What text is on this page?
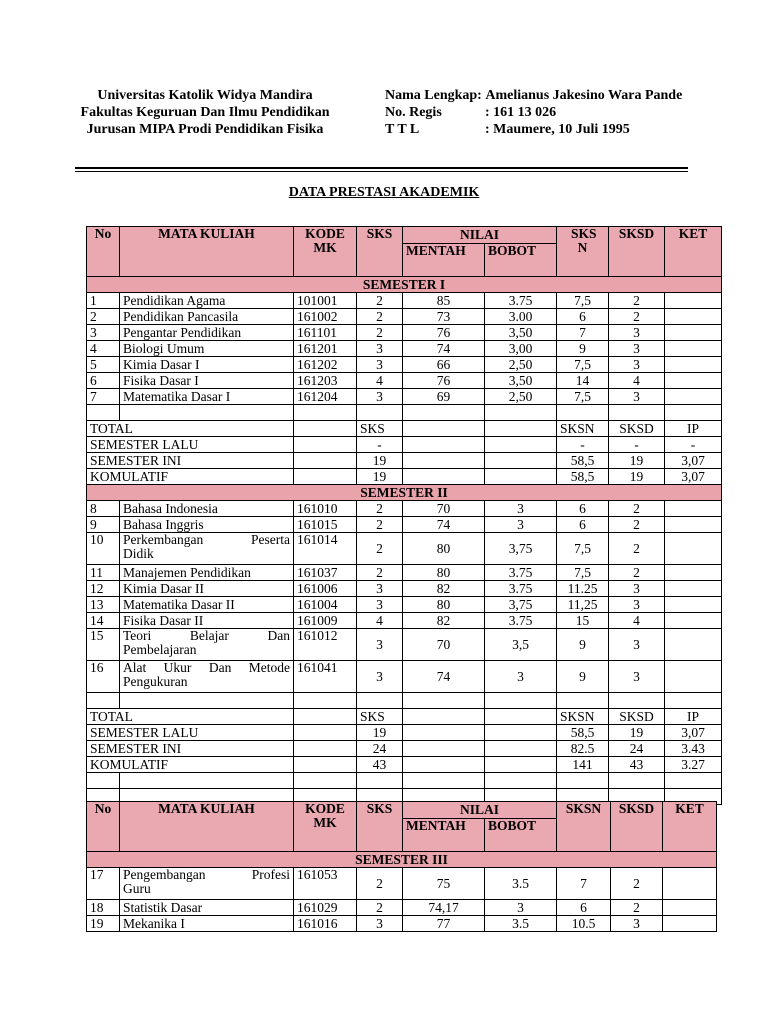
Universitas Katolik Widya Mandira
Fakultas Keguruan Dan Ilmu Pendidikan
Jurusan MIPA Prodi Pendidikan Fisika
Nama Lengkap:
Amelianus Jakesino Wara Pande
No. Regis	: 161 13 026
T T L	: Maumere, 10 Juli 1995
DATA PRESTASI AKADEMIK
No	MATA KULIAH	KODE MK	SKS	NILAI		SKS N	SKSD	KET
				MENTAH	BOBOT			
SEMESTER I								
1	Pendidikan Agama	101001	2	85	3.75	7,5	2	
2	Pendidikan Pancasila	161002	2	73	3.00	6	2	
3	Pengantar Pendidikan	161101	2	76	3,50	7	3	
4	Biologi Umum	161201	3	74	3,00	9	3	
5	Kimia Dasar I	161202	3	66	2,50	7,5	3	
6	Fisika Dasar I	161203	4	76	3,50	14	4	
7	Matematika Dasar I	161204	3	69	2,50	7,5	3	

TOTAL			SKS			SKSN	SKSD	IP
SEMESTER LALU			-			-	-	-
SEMESTER INI			19			58,5	19	3,07
KOMULATIF			19			58,5	19	3,07
SEMESTER II								
8	Bahasa Indonesia	161010	2	70	3	6	2	
9	Bahasa Inggris	161015	2	74	3	6	2	
10	Perkembangan Peserta
Didik	161014	2	80	3,75	7,5	2	
11	Manajemen Pendidikan	161037	2	80	3.75	7,5	2	
12	Kimia Dasar II	161006	3	82	3.75	11.25	3	
13	Matematika Dasar II	161004	3	80	3,75	11,25	3	
14	Fisika Dasar II	161009	4	82	3.75	15	4	
15	Teori Belajar Dan
Pembelajaran	161012	3	70	3,5	9	3	
16	Alat Ukur Dan Metode
Pengukuran	161041	3	74	3	9	3	

TOTAL			SKS			SKSN	SKSD	IP
SEMESTER LALU			19			58,5	19	3,07
SEMESTER INI			24			82.5	24	3.43
KOMULATIF			43			141	43	3.27

No	MATA KULIAH	KODE MK	SKS	NILAI		SKSN	SKSD	KET
				MENTAH	BOBOT			
SEMESTER III								
17	Pengembangan Profesi
Guru	161053	2	75	3.5	7	2	
18	Statistik Dasar	161029	2	74,17	3	6	2	
19	Mekanika I	161016	3	77	3.5	10.5	3	
